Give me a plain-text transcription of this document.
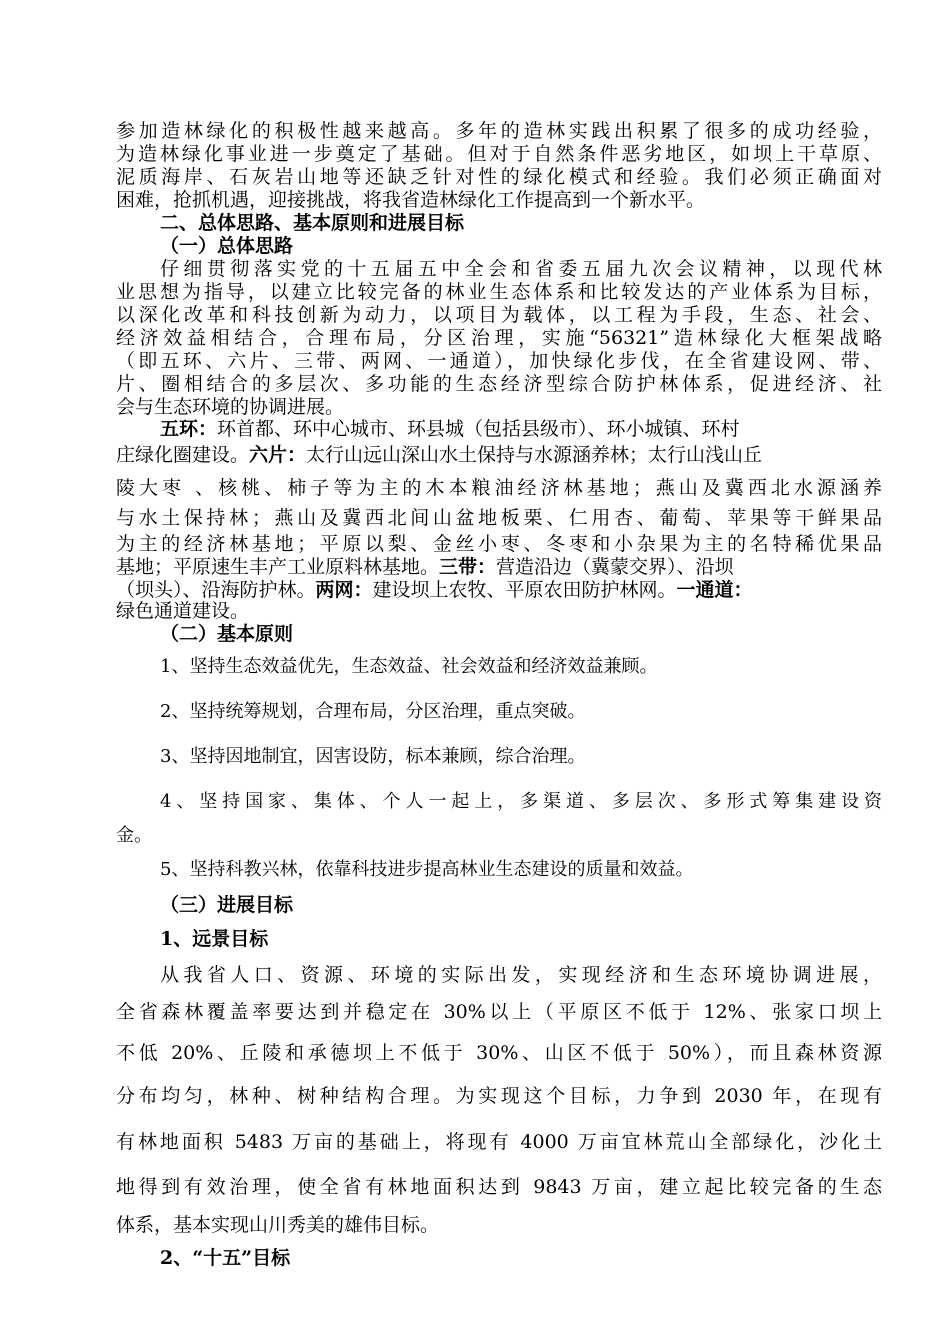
参加造林绿化的积极性越来越高。多年的造林实践出积累了很多的成功经验，
为造林绿化事业进一步奠定了基础。但对于自然条件恶劣地区，如坝上干草原、
泥质海岸、石灰岩山地等还缺乏针对性的绿化模式和经验。我们必须正确面对
困难，抢抓机遇，迎接挑战，将我省造林绿化工作提高到一个新水平。
二、总体思路、基本原则和进展目标
（一）总体思路
仔细贯彻落实党的十五届五中全会和省委五届九次会议精神，以现代林
业思想为指导，以建立比较完备的林业生态体系和比较发达的产业体系为目标，
以深化改革和科技创新为动力，以项目为载体，以工程为手段，生态、社会、
经济效益相结合，合理布局，分区治理，实施“56321”造林绿化大框架战略
（即五环、六片、三带、两网、一通道），加快绿化步伐，在全省建设网、带、
片、圈相结合的多层次、多功能的生态经济型综合防护林体系，促进经济、社
会与生态环境的协调进展。
五环：环首都、环中心城市、环县城（包括县级市）、环小城镇、环村
庄绿化圈建设。六片：太行山远山深山水土保持与水源涵养林；太行山浅山丘
陵大枣 、核桃、柿子等为主的木本粮油经济林基地；燕山及冀西北水源涵养
与水土保持林；燕山及冀西北间山盆地板栗、仁用杏、葡萄、苹果等干鲜果品
为主的经济林基地；平原以梨、金丝小枣、冬枣和小杂果为主的名特稀优果品
基地；平原速生丰产工业原料林基地。三带：营造沿边（冀蒙交界）、沿坝
（坝头）、沿海防护林。两网：建设坝上农牧、平原农田防护林网。一通道：
绿色通道建设。
（二）基本原则
1、坚持生态效益优先，生态效益、社会效益和经济效益兼顾。
2、坚持统筹规划，合理布局，分区治理，重点突破。
3、坚持因地制宜，因害设防，标本兼顾，综合治理。
4、坚持国家、集体、个人一起上，多渠道、多层次、多形式筹集建设资
金。
5、坚持科教兴林，依靠科技进步提高林业生态建设的质量和效益。
（三）进展目标
1、远景目标
从我省人口、资源、环境的实际出发，实现经济和生态环境协调进展，
全省森林覆盖率要达到并稳定在 30%以上（平原区不低于 12%、张家口坝上
不低 20%、丘陵和承德坝上不低于 30%、山区不低于 50%），而且森林资源
分布均匀，林种、树种结构合理。为实现这个目标，力争到 2030 年，在现有
有林地面积 5483 万亩的基础上，将现有 4000 万亩宜林荒山全部绿化，沙化土
地得到有效治理，使全省有林地面积达到 9843 万亩，建立起比较完备的生态
体系，基本实现山川秀美的雄伟目标。
2、“十五”目标
